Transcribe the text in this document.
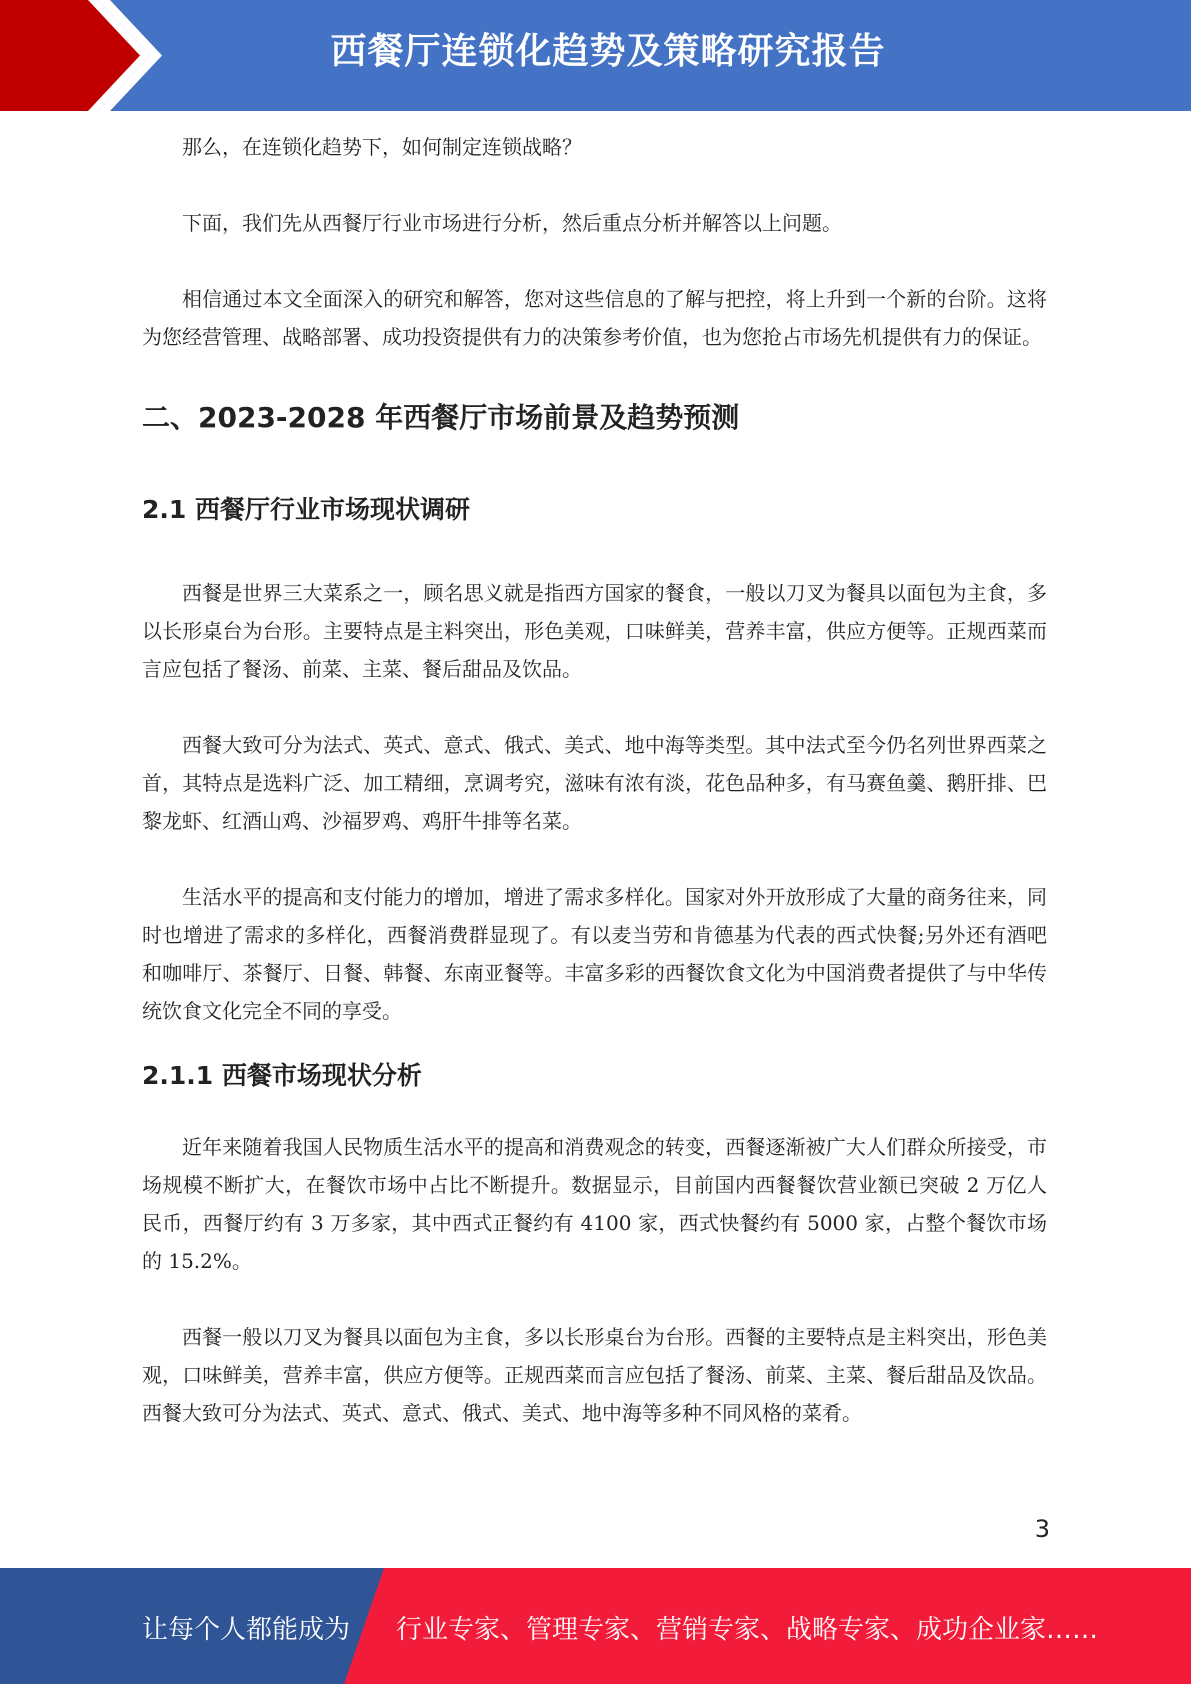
西餐厅连锁化趋势及策略研究报告

那么，在连锁化趋势下，如何制定连锁战略？

下面，我们先从西餐厅行业市场进行分析，然后重点分析并解答以上问题。

相信通过本文全面深入的研究和解答，您对这些信息的了解与把控，将上升到一个新的台阶。这将为您经营管理、战略部署、成功投资提供有力的决策参考价值，也为您抢占市场先机提供有力的保证。

二、2023-2028 年西餐厅市场前景及趋势预测
2.1 西餐厅行业市场现状调研

西餐是世界三大菜系之一，顾名思义就是指西方国家的餐食，一般以刀叉为餐具以面包为主食，多以长形桌台为台形。主要特点是主料突出，形色美观，口味鲜美，营养丰富，供应方便等。正规西菜而言应包括了餐汤、前菜、主菜、餐后甜品及饮品。

西餐大致可分为法式、英式、意式、俄式、美式、地中海等类型。其中法式至今仍名列世界西菜之首，其特点是选料广泛、加工精细，烹调考究，滋味有浓有淡，花色品种多，有马赛鱼羹、鹅肝排、巴黎龙虾、红酒山鸡、沙福罗鸡、鸡肝牛排等名菜。

生活水平的提高和支付能力的增加，增进了需求多样化。国家对外开放形成了大量的商务往来，同时也增进了需求的多样化，西餐消费群显现了。有以麦当劳和肯德基为代表的西式快餐;另外还有酒吧和咖啡厅、茶餐厅、日餐、韩餐、东南亚餐等。丰富多彩的西餐饮食文化为中国消费者提供了与中华传统饮食文化完全不同的享受。

2.1.1 西餐市场现状分析

近年来随着我国人民物质生活水平的提高和消费观念的转变，西餐逐渐被广大人们群众所接受，市场规模不断扩大，在餐饮市场中占比不断提升。数据显示，目前国内西餐餐饮营业额已突破 2 万亿人民币，西餐厅约有 3 万多家，其中西式正餐约有 4100 家，西式快餐约有 5000 家，占整个餐饮市场的 15.2%。

西餐一般以刀叉为餐具以面包为主食，多以长形桌台为台形。西餐的主要特点是主料突出，形色美观，口味鲜美，营养丰富，供应方便等。正规西菜而言应包括了餐汤、前菜、主菜、餐后甜品及饮品。西餐大致可分为法式、英式、意式、俄式、美式、地中海等多种不同风格的菜肴。

3
让每个人都能成为 行业专家、管理专家、营销专家、战略专家、成功企业家……
